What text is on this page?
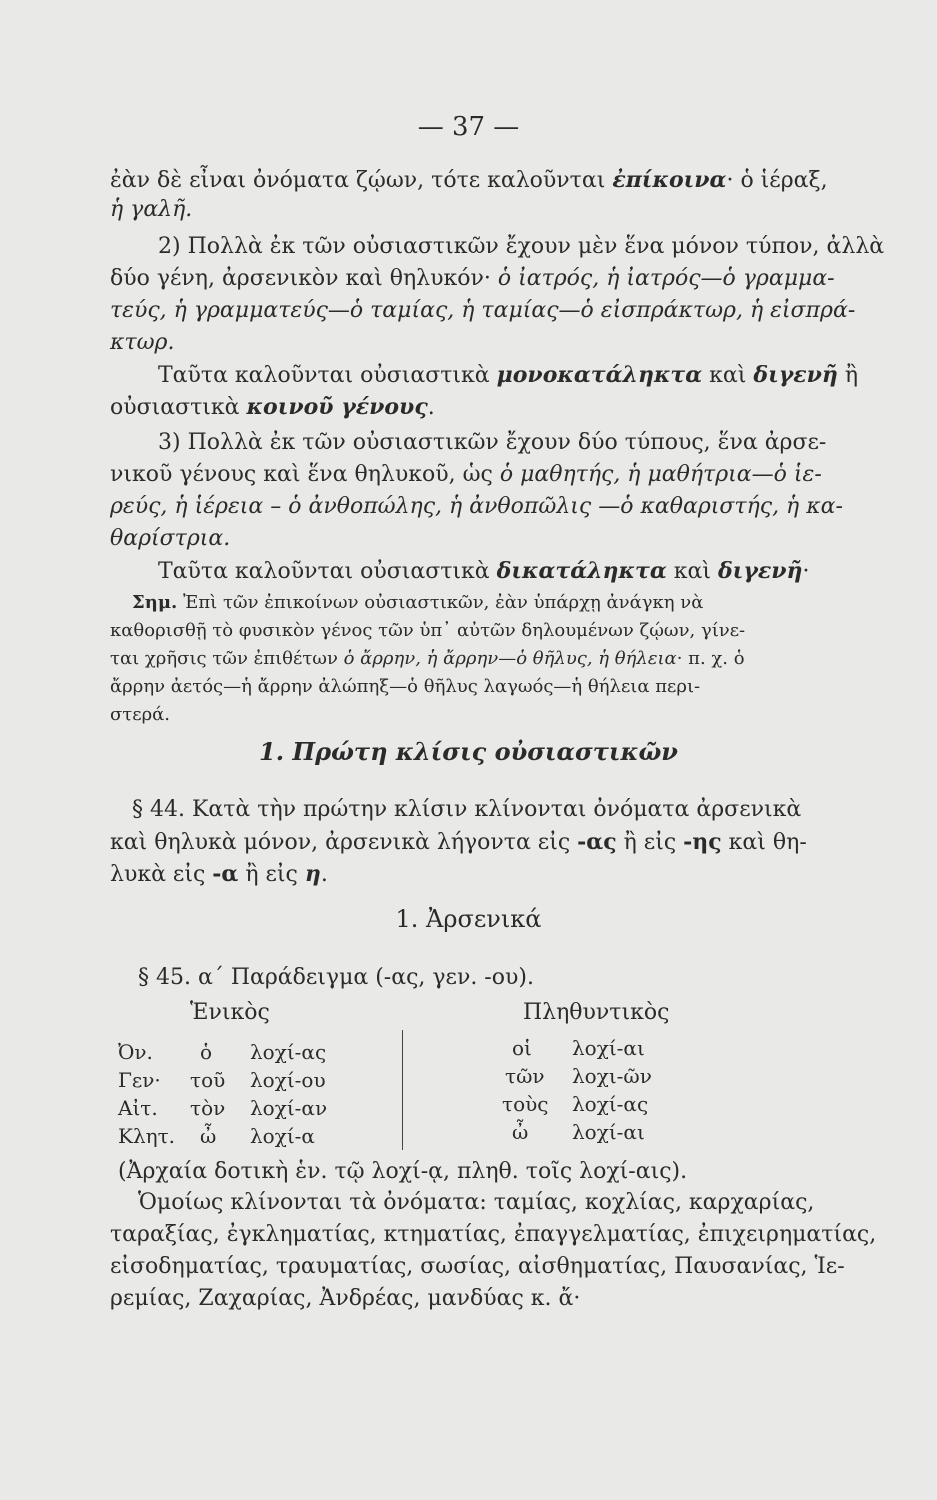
— 37 —
ἐὰν δὲ εἶναι ὀνόματα ζῴων, τότε καλοῦνται ἐπίκοινα· ὁ ἱέραξ,
ἡ γαλῆ.
2) Πολλὰ ἐκ τῶν οὐσιαστικῶν ἔχουν μὲν ἕνα μόνον τύπον, ἀλλὰ
δύο γένη, ἀρσενικὸν καὶ θηλυκόν· ὁ ἰατρός, ἡ ἰατρός—ὁ γραμμα-
τεύς, ἡ γραμματεύς—ὁ ταμίας, ἡ ταμίας—ὁ εἰσπράκτωρ, ἡ εἰσπρά-
κτωρ.
Ταῦτα καλοῦνται οὐσιαστικὰ μονοκατάληκτα καὶ διγενῆ ἢ
οὐσιαστικὰ κοινοῦ γένους.
3) Πολλὰ ἐκ τῶν οὐσιαστικῶν ἔχουν δύο τύπους, ἕνα ἀρσε-
νικοῦ γένους καὶ ἕνα θηλυκοῦ, ὡς ὁ μαθητής, ἡ μαθήτρια—ὁ ἱε-
ρεύς, ἡ ἱέρεια – ὁ ἀνθοπώλης, ἡ ἀνθοπῶλις —ὁ καθαριστής, ἡ κα-
θαρίστρια.
Ταῦτα καλοῦνται οὐσιαστικὰ δικατάληκτα καὶ διγενῆ·
Σημ. Ἐπὶ τῶν ἐπικοίνων οὐσιαστικῶν, ἐὰν ὑπάρχῃ ἀνάγκη νὰ
καθορισθῇ τὸ φυσικὸν γένος τῶν ὑπ᾽ αὐτῶν δηλουμένων ζῴων, γίνε-
ται χρῆσις τῶν ἐπιθέτων ὁ ἄρρην, ἡ ἄρρην—ὁ θῆλυς, ἡ θήλεια· π. χ. ὁ
ἄρρην ἀετός—ἡ ἄρρην ἀλώπηξ—ὁ θῆλυς λαγωός—ἡ θήλεια περι-
στερά.
1. Πρώτη κλίσις οὐσιαστικῶν
§ 44. Κατὰ τὴν πρώτην κλίσιν κλίνονται ὀνόματα ἀρσενικὰ
καὶ θηλυκὰ μόνον, ἀρσενικὰ λήγοντα εἰς -ας ἢ εἰς -ης καὶ θη-
λυκὰ εἰς -α ἢ εἰς η.
1. Ἀρσενικά
§ 45. α΄ Παράδειγμα (-ας, γεν. -ου).
Ἑνικὸς	Πληθυντικὸς
Ὀν. ὁ λοχί-ας	οἱ λοχί-αι
Γεν· τοῦ λοχί-ου	τῶν λοχι-ῶν
Αἰτ. τὸν λοχί-αν	τοὺς λοχί-ας
Κλητ. ὦ λοχί-α	ὦ λοχί-αι
(Ἀρχαία δοτικὴ ἑν. τῷ λοχί-ᾳ, πληθ. τοῖς λοχί-αις).
Ὁμοίως κλίνονται τὰ ὀνόματα: ταμίας, κοχλίας, καρχαρίας,
ταραξίας, ἐγκληματίας, κτηματίας, ἐπαγγελματίας, ἐπιχειρηματίας,
εἰσοδηματίας, τραυματίας, σωσίας, αἰσθηματίας, Παυσανίας, Ἱε-
ρεμίας, Ζαχαρίας, Ἀνδρέας, μανδύας κ. ἄ·
